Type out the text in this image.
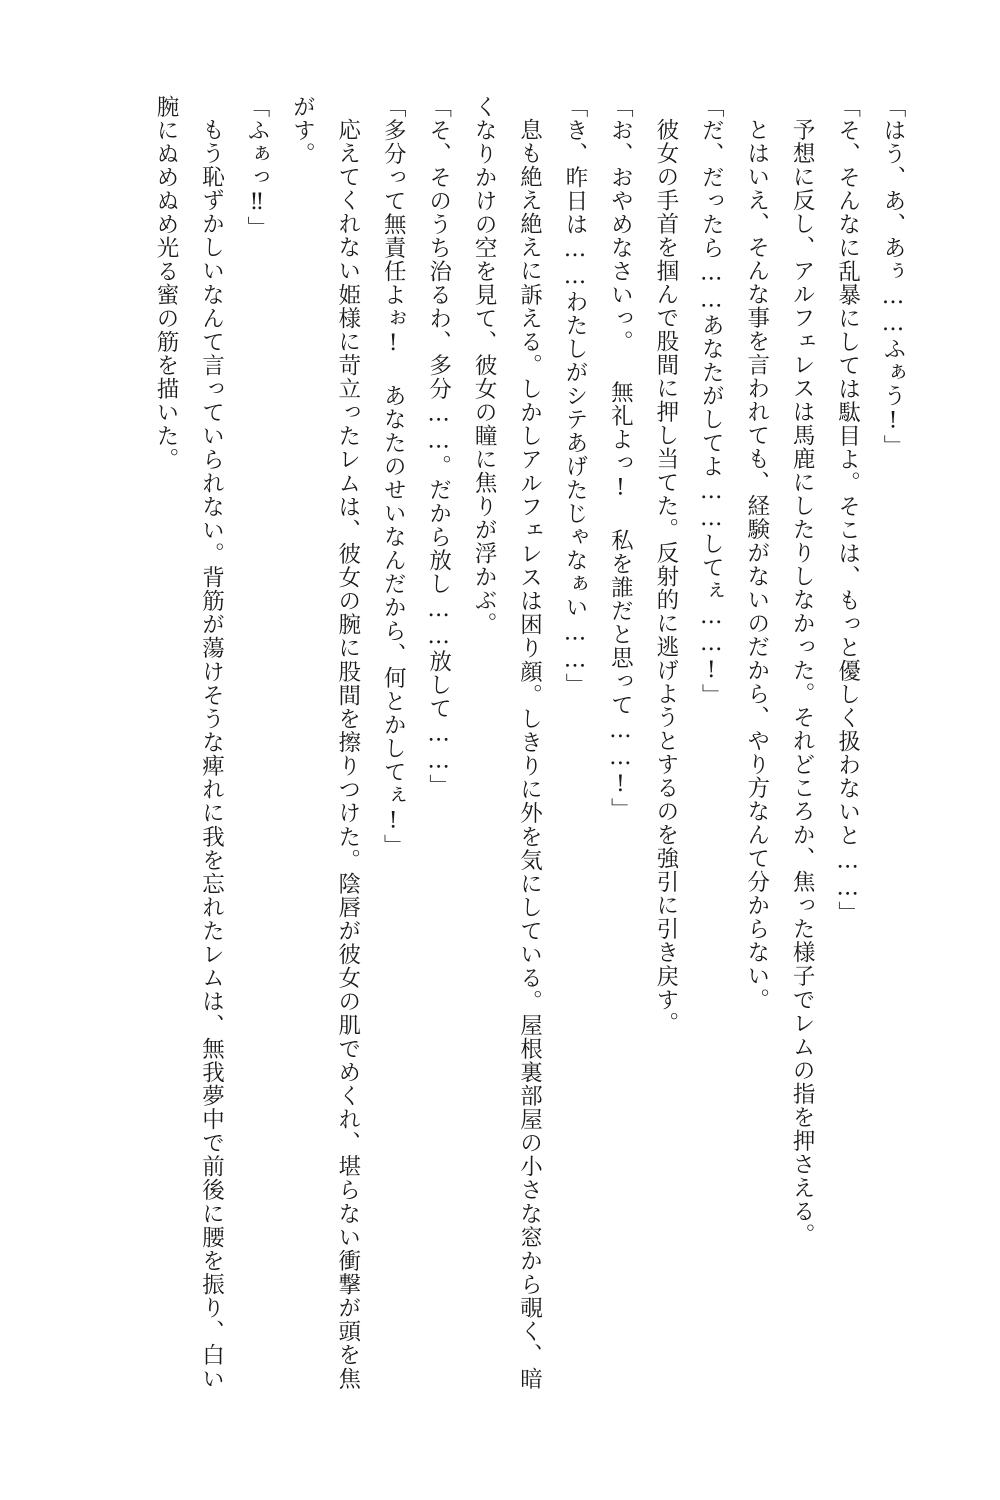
「はう、あ、あぅ……ふぁう!」

「そ、そんなに乱暴にしては駄目よ。そこは、もっと優しく扱わないと……」

予想に反し、アルフェレスは馬鹿にしたりしなかった。それどころか、焦った様子でレムの指を押さえる。

とはいえ、そんな事を言われても、経験がないのだから、やり方なんて分からない。

「だ、だったら……あなたがしてよ……してぇ……!」

彼女の手首を掴んで股間に押し当てた。反射的に逃げようとするのを強引に引き戻す。

「お、おやめなさいっ。 無礼よっ! 私を誰だと思って……!」

「き、昨日は……わたしがシテあげたじゃなぁい……」

息も絶え絶えに訴える。しかしアルフェレスは困り顔。しきりに外を気にしている。屋根裏部屋の小さな窓から覗く、暗くなりかけの空を見て、彼女の瞳に焦りが浮かぶ。

「そ、そのうち治るわ、多分……。だから放し……放して……」

「多分って無責任よぉ! あなたのせいなんだから、何とかしてぇ!」

応えてくれない姫様に苛立ったレムは、彼女の腕に股間を擦りつけた。陰唇が彼女の肌でめくれ、堪らない衝撃が頭を焦がす。

「ふぁっ‼」

もう恥ずかしいなんて言っていられない。背筋が蕩けそうな痺れに我を忘れたレムは、無我夢中で前後に腰を振り、白い腕にぬめぬめ光る蜜の筋を描いた。
